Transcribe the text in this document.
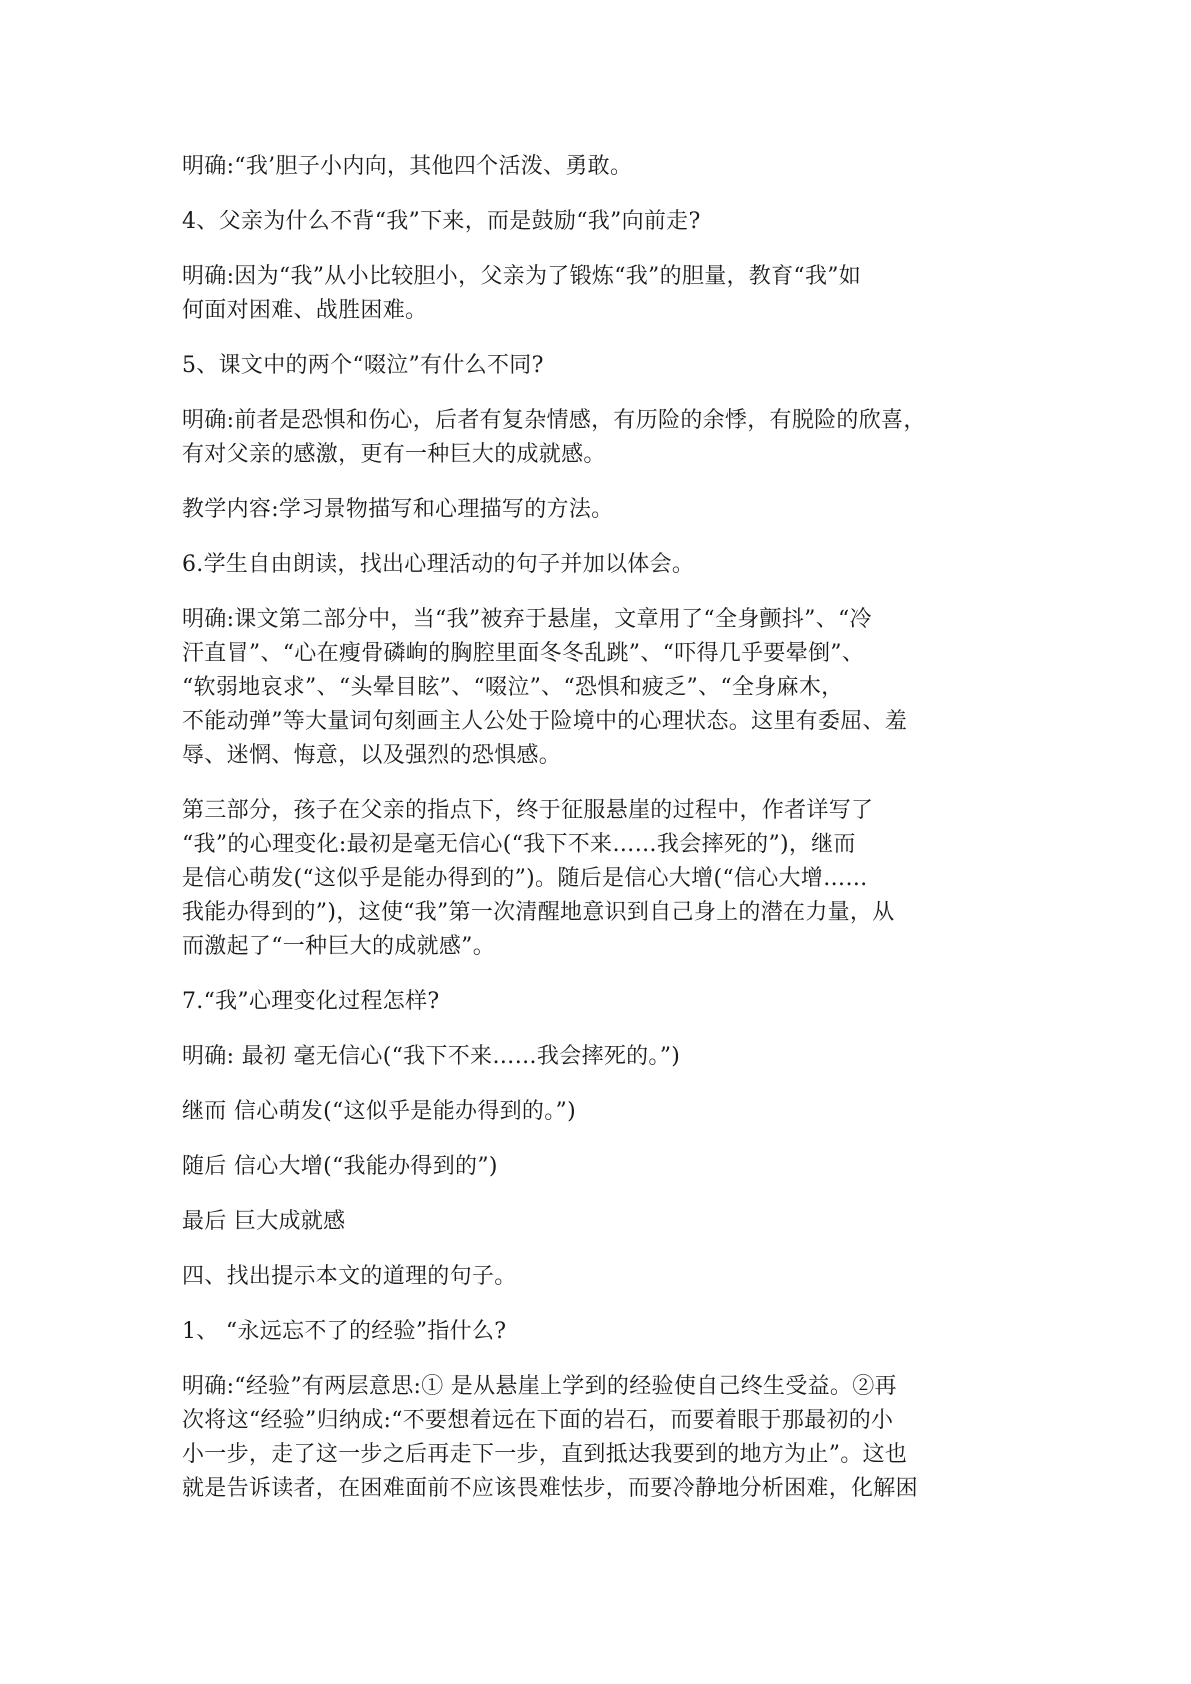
明确:“我’胆子小内向，其他四个活泼、勇敢。

4、父亲为什么不背“我”下来，而是鼓励“我”向前走?

明确:因为“我”从小比较胆小，父亲为了锻炼“我”的胆量，教育“我”如
何面对困难、战胜困难。

5、课文中的两个“啜泣”有什么不同?

明确:前者是恐惧和伤心，后者有复杂情感，有历险的余悸，有脱险的欣喜，
有对父亲的感激，更有一种巨大的成就感。

教学内容:学习景物描写和心理描写的方法。

6.学生自由朗读，找出心理活动的句子并加以体会。

明确:课文第二部分中，当“我”被弃于悬崖，文章用了“全身颤抖”、“冷
汗直冒”、“心在瘦骨磷峋的胸腔里面冬冬乱跳”、“吓得几乎要晕倒”、
“软弱地哀求”、“头晕目眩”、“啜泣”、“恐惧和疲乏”、“全身麻木，
不能动弹”等大量词句刻画主人公处于险境中的心理状态。这里有委屈、羞
辱、迷惘、悔意，以及强烈的恐惧感。

第三部分，孩子在父亲的指点下，终于征服悬崖的过程中，作者详写了
“我”的心理变化:最初是毫无信心(“我下不来……我会摔死的”)，继而
是信心萌发(“这似乎是能办得到的”)。随后是信心大增(“信心大增……
我能办得到的”)，这使“我”第一次清醒地意识到自己身上的潜在力量，从
而激起了“一种巨大的成就感”。

7.“我”心理变化过程怎样?

明确: 最初 毫无信心(“我下不来……我会摔死的。”)

继而 信心萌发(“这似乎是能办得到的。”)

随后 信心大增(“我能办得到的”)

最后 巨大成就感

四、找出提示本文的道理的句子。

1、 “永远忘不了的经验”指什么?

明确:“经验”有两层意思:① 是从悬崖上学到的经验使自己终生受益。②再
次将这“经验”归纳成:“不要想着远在下面的岩石，而要着眼于那最初的小
小一步，走了这一步之后再走下一步，直到抵达我要到的地方为止”。这也
就是告诉读者，在困难面前不应该畏难怯步，而要冷静地分析困难，化解困
